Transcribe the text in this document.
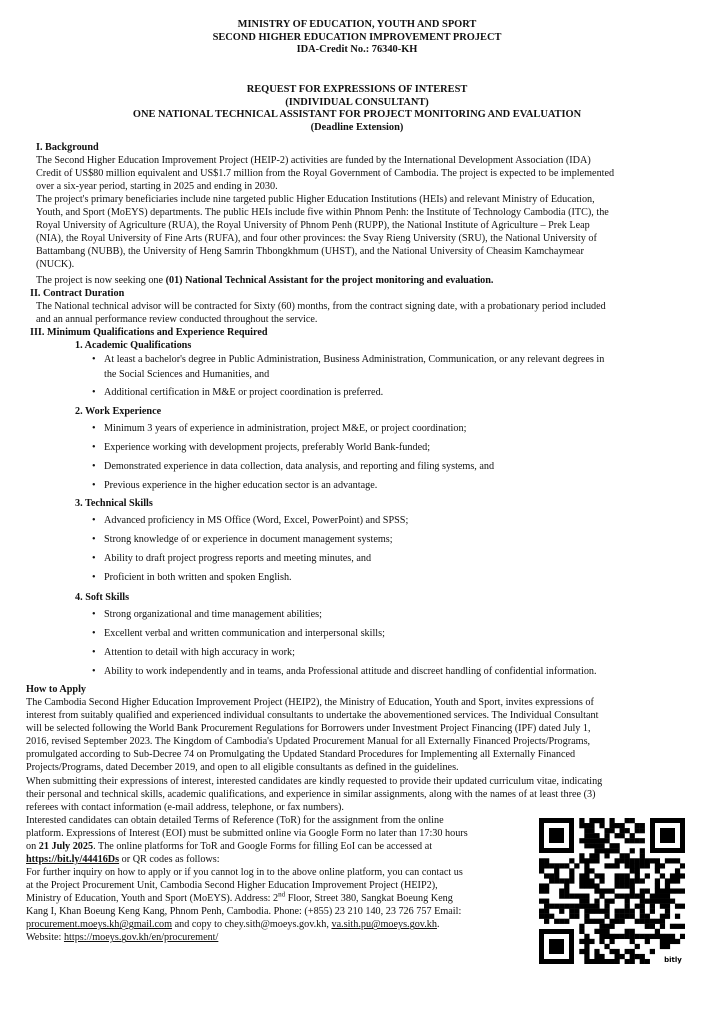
MINISTRY OF EDUCATION, YOUTH AND SPORT
SECOND HIGHER EDUCATION IMPROVEMENT PROJECT
IDA-Credit No.: 76340-KH
REQUEST FOR EXPRESSIONS OF INTEREST
(INDIVIDUAL CONSULTANT)
ONE NATIONAL TECHNICAL ASSISTANT FOR PROJECT MONITORING AND EVALUATION
(Deadline Extension)
I. Background
The Second Higher Education Improvement Project (HEIP-2) activities are funded by the International Development Association (IDA)
Credit of US$80 million equivalent and US$1.7 million from the Royal Government of Cambodia. The project is expected to be implemented
over a six-year period, starting in 2025 and ending in 2030.
The project's primary beneficiaries include nine targeted public Higher Education Institutions (HEIs) and relevant Ministry of Education,
Youth, and Sport (MoEYS) departments. The public HEIs include five within Phnom Penh: the Institute of Technology Cambodia (ITC), the
Royal University of Agriculture (RUA), the Royal University of Phnom Penh (RUPP), the National Institute of Agriculture – Prek Leap
(NIA), the Royal University of Fine Arts (RUFA), and four other provinces: the Svay Rieng University (SRU), the National University of
Battambang (NUBB), the University of Heng Samrin Thbongkhmum (UHST), and the National University of Cheasim Kamchaymear
(NUCK).
The project is now seeking one (01) National Technical Assistant for the project monitoring and evaluation.
II. Contract Duration
The National technical advisor will be contracted for Sixty (60) months, from the contract signing date, with a probationary period included
and an annual performance review conducted throughout the service.
III. Minimum Qualifications and Experience Required
1. Academic Qualifications
• At least a bachelor's degree in Public Administration, Business Administration, Communication, or any relevant degrees in
the Social Sciences and Humanities, and
• Additional certification in M&E or project coordination is preferred.
2. Work Experience
• Minimum 3 years of experience in administration, project M&E, or project coordination;
• Experience working with development projects, preferably World Bank-funded;
• Demonstrated experience in data collection, data analysis, and reporting and filing systems, and
• Previous experience in the higher education sector is an advantage.
3. Technical Skills
• Advanced proficiency in MS Office (Word, Excel, PowerPoint) and SPSS;
• Strong knowledge of or experience in document management systems;
• Ability to draft project progress reports and meeting minutes, and
• Proficient in both written and spoken English.
4. Soft Skills
• Strong organizational and time management abilities;
• Excellent verbal and written communication and interpersonal skills;
• Attention to detail with high accuracy in work;
• Ability to work independently and in teams, anda Professional attitude and discreet handling of confidential information.
How to Apply
The Cambodia Second Higher Education Improvement Project (HEIP2), the Ministry of Education, Youth and Sport, invites expressions of
interest from suitably qualified and experienced individual consultants to undertake the abovementioned services. The Individual Consultant
will be selected following the World Bank Procurement Regulations for Borrowers under Investment Project Financing (IPF) dated July 1,
2016, revised September 2023. The Kingdom of Cambodia's Updated Procurement Manual for all Externally Financed Projects/Programs,
promulgated according to Sub-Decree 74 on Promulgating the Updated Standard Procedures for Implementing all Externally Financed
Projects/Programs, dated December 2019, and open to all eligible consultants as defined in the guidelines.
When submitting their expressions of interest, interested candidates are kindly requested to provide their updated curriculum vitae, indicating
their personal and technical skills, academic qualifications, and experience in similar assignments, along with the names of at least three (3)
referees with contact information (e-mail address, telephone, or fax numbers).
Interested candidates can obtain detailed Terms of Reference (ToR) for the assignment from the online
platform. Expressions of Interest (EOI) must be submitted online via Google Form no later than 17:30 hours
on 21 July 2025. The online platforms for ToR and Google Forms for filling EoI can be accessed at
https://bit.ly/44416Ds or QR codes as follows:
For further inquiry on how to apply or if you cannot log in to the above online platform, you can contact us
at the Project Procurement Unit, Cambodia Second Higher Education Improvement Project (HEIP2),
Ministry of Education, Youth and Sport (MoEYS). Address: 2nd Floor, Street 380, Sangkat Boeung Keng
Kang I, Khan Boeung Keng Kang, Phnom Penh, Cambodia. Phone: (+855) 23 210 140, 23 726 757 Email:
procurement.moeys.kh@gmail.com and copy to chey.sith@moeys.gov.kh, va.sith.pu@moeys.gov.kh.
Website: https://moeys.gov.kh/en/procurement/
bitly
